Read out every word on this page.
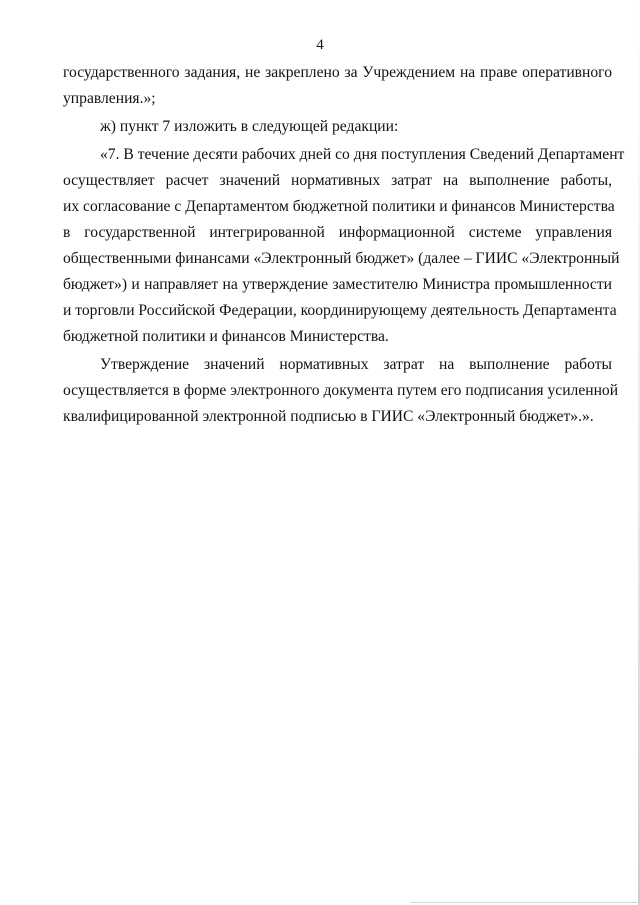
4
государственного задания, не закреплено за Учреждением на праве оперативного
управления.»;
ж) пункт 7 изложить в следующей редакции:
«7. В течение десяти рабочих дней со дня поступления Сведений Департамент
осуществляет расчет значений нормативных затрат на выполнение работы,
их согласование с Департаментом бюджетной политики и финансов Министерства
в государственной интегрированной информационной системе управления
общественными финансами «Электронный бюджет» (далее – ГИИС «Электронный
бюджет») и направляет на утверждение заместителю Министра промышленности
и торговли Российской Федерации, координирующему деятельность Департамента
бюджетной политики и финансов Министерства.
Утверждение значений нормативных затрат на выполнение работы
осуществляется в форме электронного документа путем его подписания усиленной
квалифицированной электронной подписью в ГИИС «Электронный бюджет».».
